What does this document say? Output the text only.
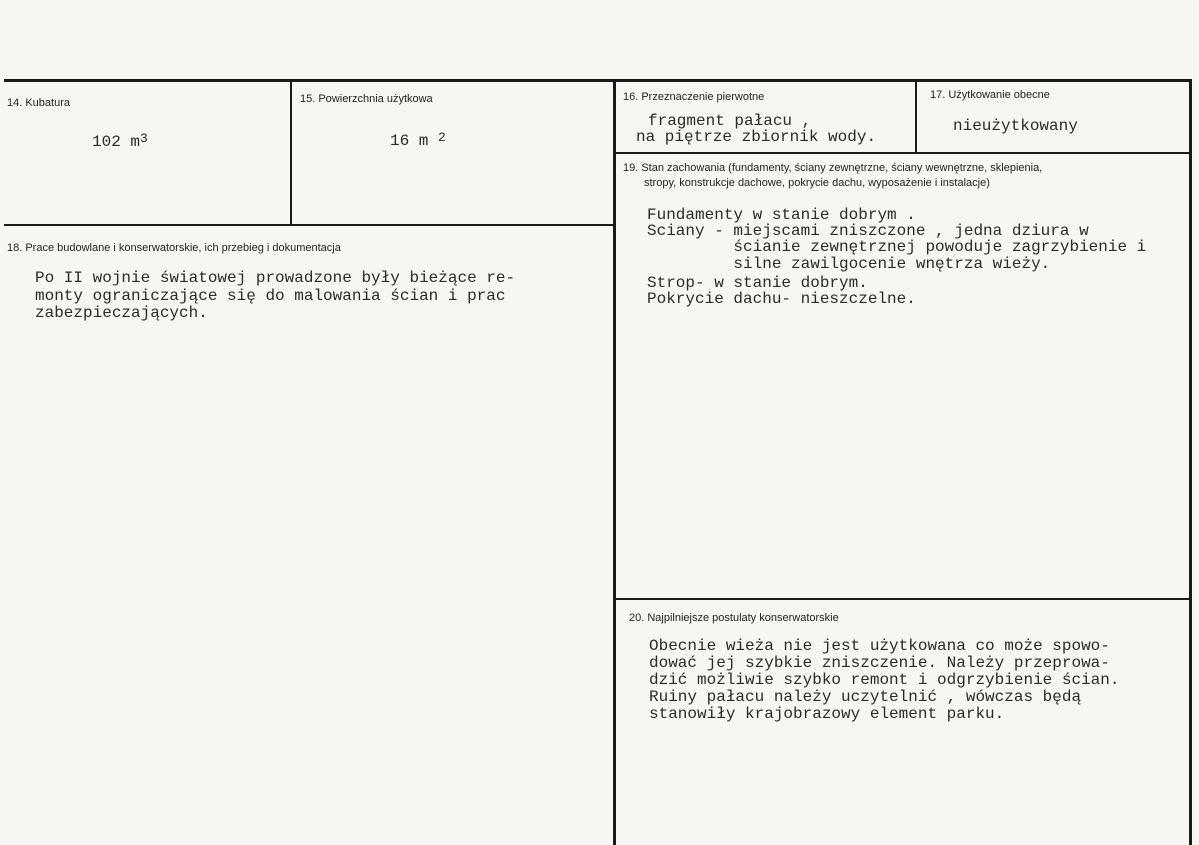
14. Kubatura
102 $m^3$
15. Powierzchnia użytkowa
16 m $^2$
16. Przeznaczenie pierwotne
fragment pałacu ,
na piętrze zbiornik wody.
17. Użytkowanie obecne
nieużytkowany
18. Prace budowlane i konserwatorskie, ich przebieg i dokumentacja
Po II wojnie światowej prowadzone były bieżące re-
monty ograniczające się do malowania ścian i prac
zabezpieczających.
19. Stan zachowania (fundamenty, ściany zewnętrzne, ściany wewnętrzne, sklepienia,
stropy, konstrukcje dachowe, pokrycie dachu, wyposażenie i instalacje)
Fundamenty w stanie dobrym .
Sciany - miejscami zniszczone , jedna dziura w
ścianie zewnętrznej powoduje zagrzybienie i
silne zawilgocenie wnętrza wieży.
Strop- w stanie dobrym.
Pokrycie dachu- nieszczelne.
20. Najpilniejsze postulaty konserwatorskie
Obecnie wieża nie jest użytkowana co może spowo-
dować jej szybkie zniszczenie. Należy przeprowa-
dzić możliwie szybko remont i odgrzybienie ścian.
Ruiny pałacu należy uczytelnić , wówczas będą
stanowiły krajobrazowy element parku.
